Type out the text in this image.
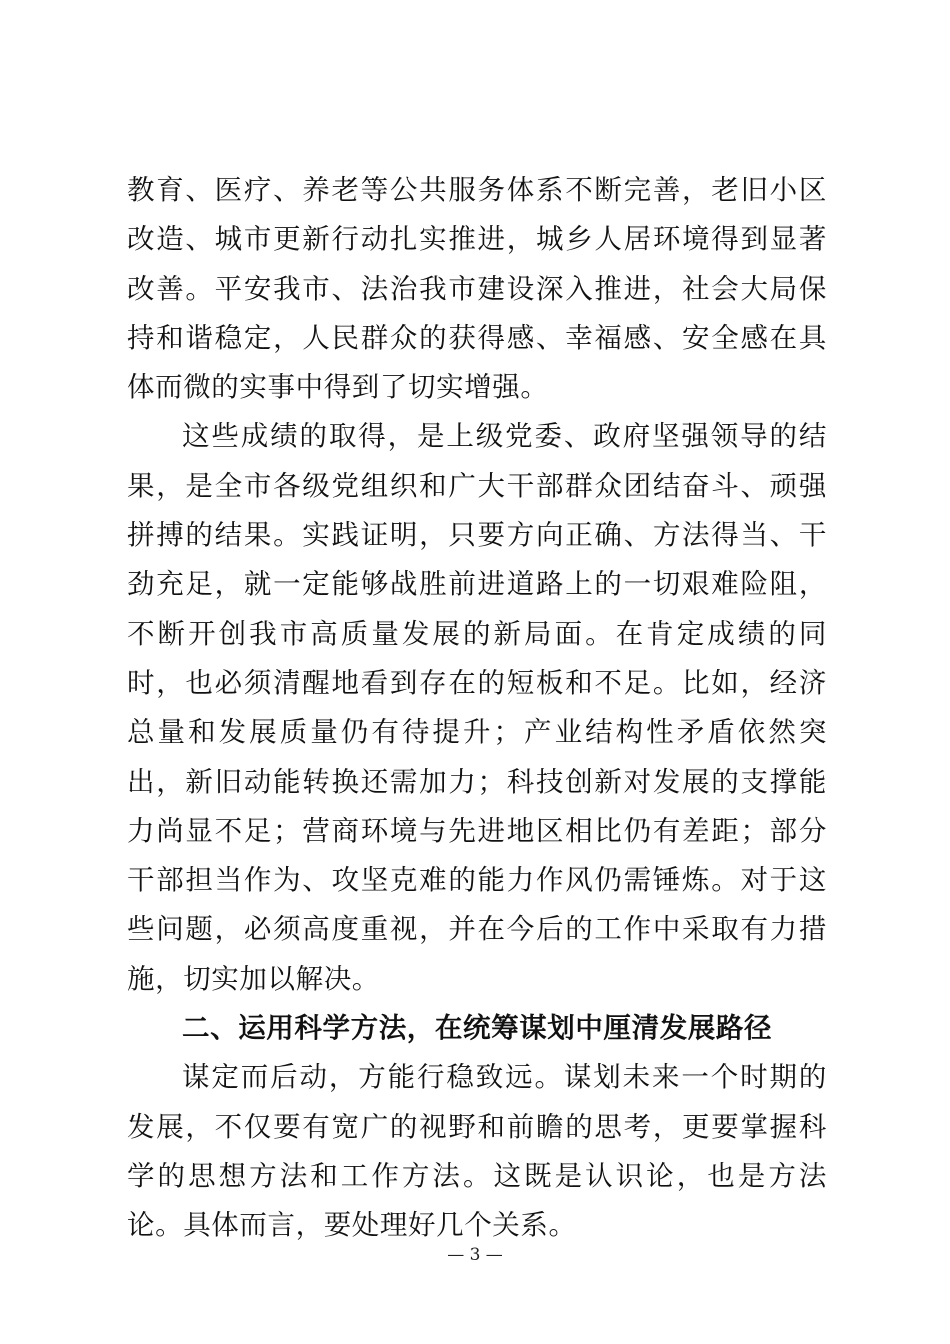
教育、医疗、养老等公共服务体系不断完善，老旧小区改造、城市更新行动扎实推进，城乡人居环境得到显著改善。平安我市、法治我市建设深入推进，社会大局保持和谐稳定，人民群众的获得感、幸福感、安全感在具体而微的实事中得到了切实增强。

这些成绩的取得，是上级党委、政府坚强领导的结果，是全市各级党组织和广大干部群众团结奋斗、顽强拼搏的结果。实践证明，只要方向正确、方法得当、干劲充足，就一定能够战胜前进道路上的一切艰难险阻，不断开创我市高质量发展的新局面。在肯定成绩的同时，也必须清醒地看到存在的短板和不足。比如，经济总量和发展质量仍有待提升；产业结构性矛盾依然突出，新旧动能转换还需加力；科技创新对发展的支撑能力尚显不足；营商环境与先进地区相比仍有差距；部分干部担当作为、攻坚克难的能力作风仍需锤炼。对于这些问题，必须高度重视，并在今后的工作中采取有力措施，切实加以解决。

二、运用科学方法，在统筹谋划中厘清发展路径

谋定而后动，方能行稳致远。谋划未来一个时期的发展，不仅要有宽广的视野和前瞻的思考，更要掌握科学的思想方法和工作方法。这既是认识论，也是方法论。具体而言，要处理好几个关系。

— 3 —
